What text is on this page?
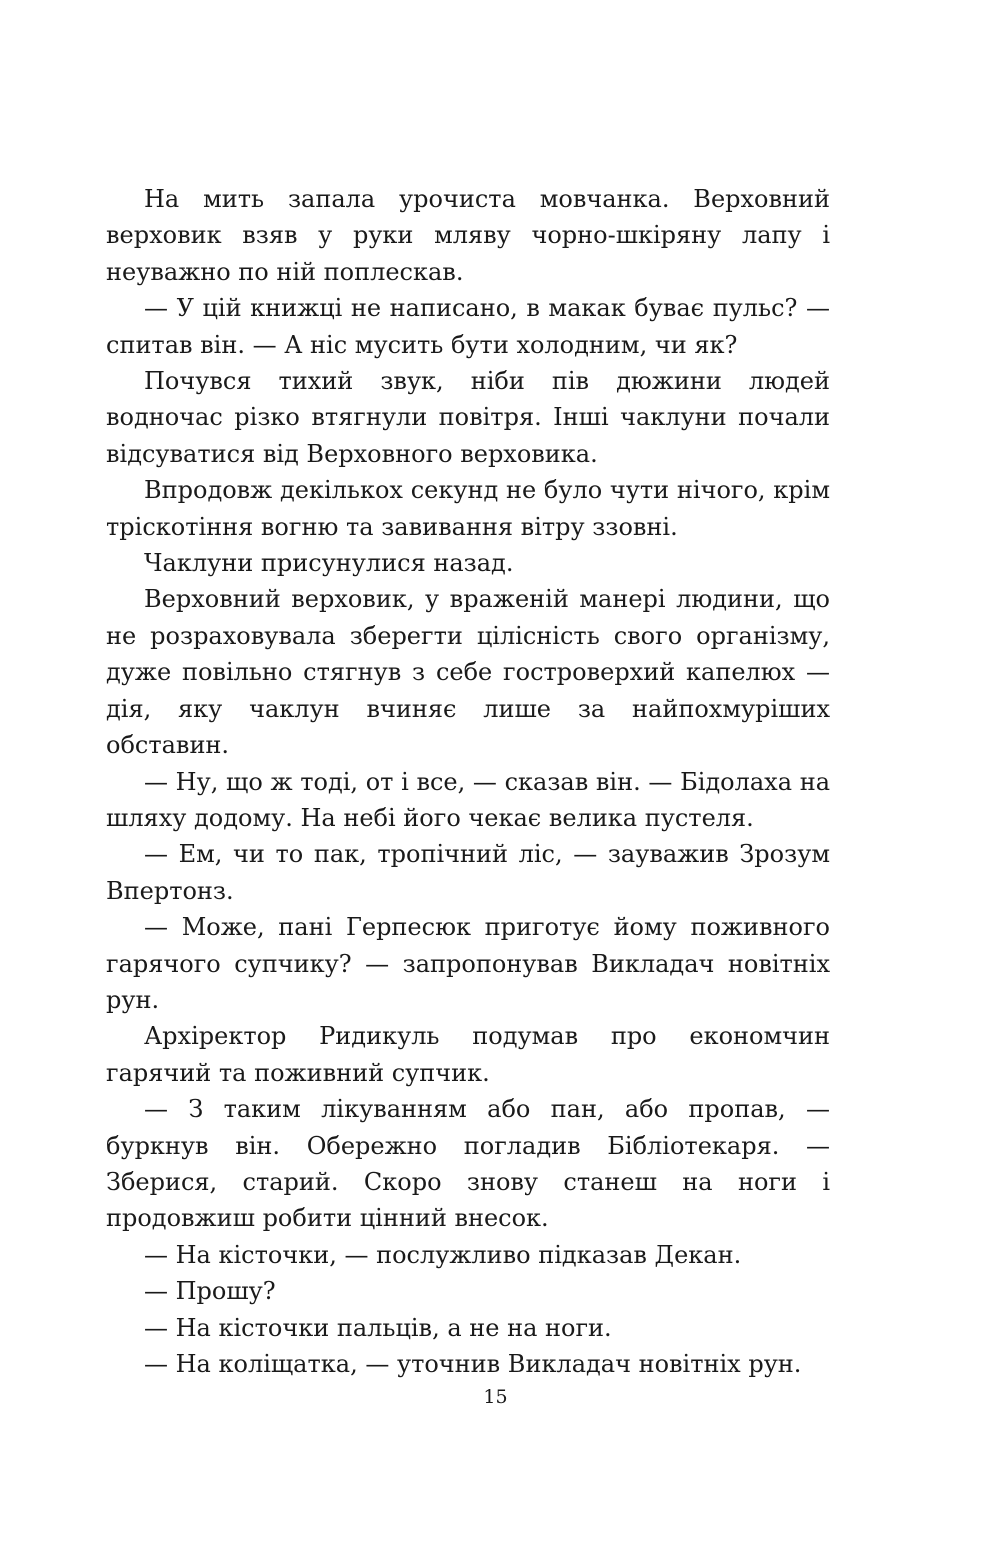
На мить запала урочиста мовчанка. Верховний верховик взяв у руки мляву чорно-шкіряну лапу і неуважно по ній поплескав.

— У цій книжці не написано, в макак буває пульс? — спитав він. — А ніс мусить бути холодним, чи як?

Почувся тихий звук, ніби пів дюжини людей водночас різко втягнули повітря. Інші чаклуни почали відсуватися від Верховного верховика.

Впродовж декількох секунд не було чути нічого, крім тріскотіння вогню та завивання вітру ззовні.

Чаклуни присунулися назад.

Верховний верховик, у враженій манері людини, що не розраховувала зберегти цілісність свого організму, дуже повільно стягнув з себе гостроверхий капелюх — дія, яку чаклун вчиняє лише за найпохмуріших обставин.

— Ну, що ж тоді, от і все, — сказав він. — Бідолаха на шляху додому. На небі його чекає велика пустеля.

— Ем, чи то пак, тропічний ліс, — зауважив Зрозум Впертонз.

— Може, пані Герпесюк приготує йому поживного гарячого супчику? — запропонував Викладач новітніх рун.

Архіректор Ридикуль подумав про економчин гарячий та поживний супчик.

— З таким лікуванням або пан, або пропав, — буркнув він. Обережно погладив Бібліотекаря. — Зберися, старий. Скоро знову станеш на ноги і продовжиш робити цінний внесок.

— На кісточки, — послужливо підказав Декан.

— Прошу?

— На кісточки пальців, а не на ноги.

— На коліщатка, — уточнив Викладач новітніх рун.

15
